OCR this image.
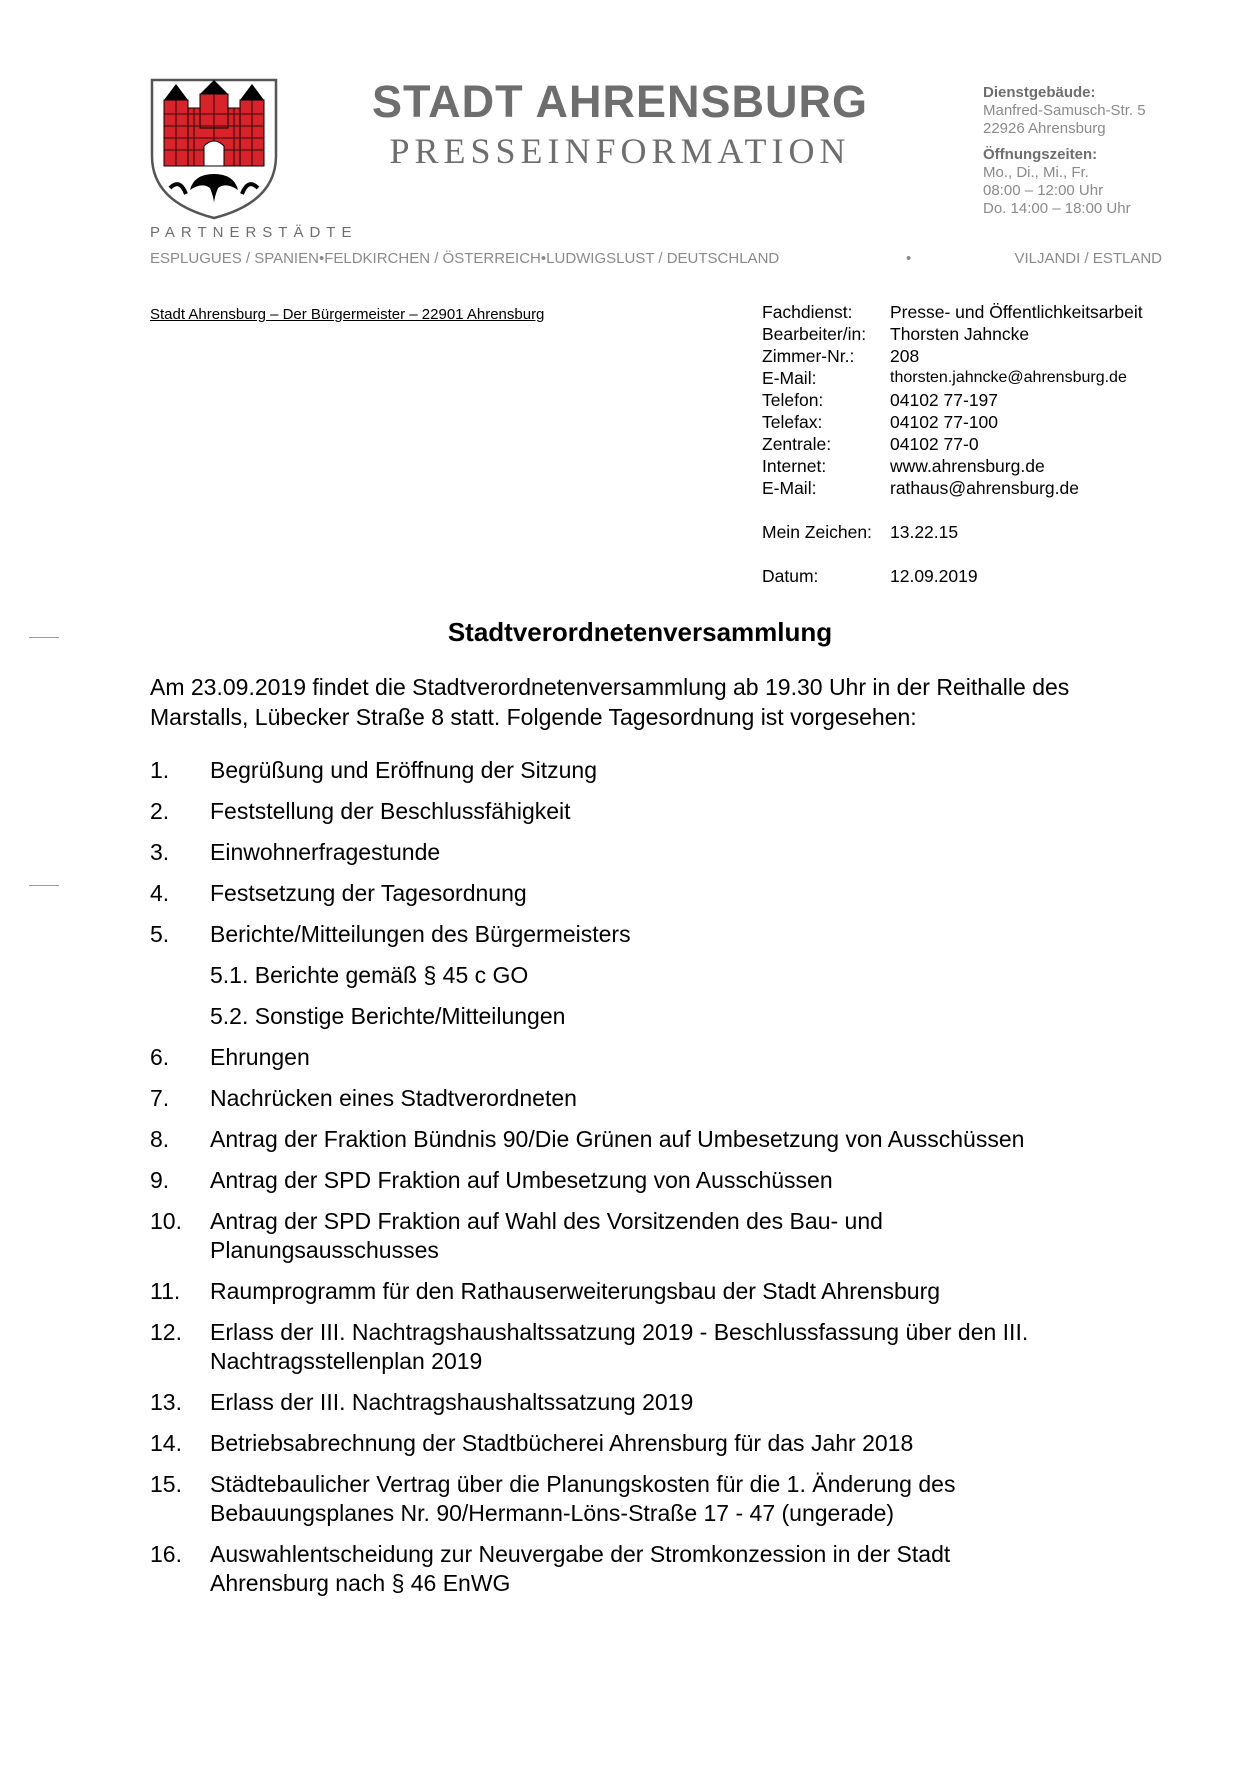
STADT AHRENSBURG
PRESSEINFORMATION
Dienstgebäude:
Manfred-Samusch-Str. 5
22926 Ahrensburg
Öffnungszeiten:
Mo., Di., Mi., Fr.
08:00 – 12:00 Uhr
Do. 14:00 – 18:00 Uhr
PARTNERSTÄDTE
ESPLUGUES / SPANIEN•FELDKIRCHEN / ÖSTERREICH•LUDWIGSLUST / DEUTSCHLAND	•	VILJANDI / ESTLAND
Stadt Ahrensburg – Der Bürgermeister – 22901 Ahrensburg	Fachdienst:	Presse- und Öffentlichkeitsarbeit
Bearbeiter/in:	Thorsten Jahncke
Zimmer-Nr.:	208
E-Mail:	thorsten.jahncke@ahrensburg.de
Telefon:	04102 77-197
Telefax:	04102 77-100
Zentrale:	04102 77-0
Internet:	www.ahrensburg.de
E-Mail:	rathaus@ahrensburg.de
Mein Zeichen:	13.22.15
Datum:	12.09.2019
Stadtverordnetenversammlung
Am 23.09.2019 findet die Stadtverordnetenversammlung ab 19.30 Uhr in der Reithalle des Marstalls, Lübecker Straße 8 statt. Folgende Tagesordnung ist vorgesehen:
1.	Begrüßung und Eröffnung der Sitzung
2.	Feststellung der Beschlussfähigkeit
3.	Einwohnerfragestunde
4.	Festsetzung der Tagesordnung
5.	Berichte/Mitteilungen des Bürgermeisters
5.1. Berichte gemäß § 45 c GO
5.2. Sonstige Berichte/Mitteilungen
6.	Ehrungen
7.	Nachrücken eines Stadtverordneten
8.	Antrag der Fraktion Bündnis 90/Die Grünen auf Umbesetzung von Ausschüssen
9.	Antrag der SPD Fraktion auf Umbesetzung von Ausschüssen
10.	Antrag der SPD Fraktion auf Wahl des Vorsitzenden des Bau- und Planungsausschusses
11.	Raumprogramm für den Rathauserweiterungsbau der Stadt Ahrensburg
12.	Erlass der III. Nachtragshaushaltssatzung 2019 - Beschlussfassung über den III. Nachtragsstellenplan 2019
13.	Erlass der III. Nachtragshaushaltssatzung 2019
14.	Betriebsabrechnung der Stadtbücherei Ahrensburg für das Jahr 2018
15.	Städtebaulicher Vertrag über die Planungskosten für die 1. Änderung des Bebauungsplanes Nr. 90/Hermann-Löns-Straße 17 - 47 (ungerade)
16.	Auswahlentscheidung zur Neuvergabe der Stromkonzession in der Stadt Ahrensburg nach § 46 EnWG
